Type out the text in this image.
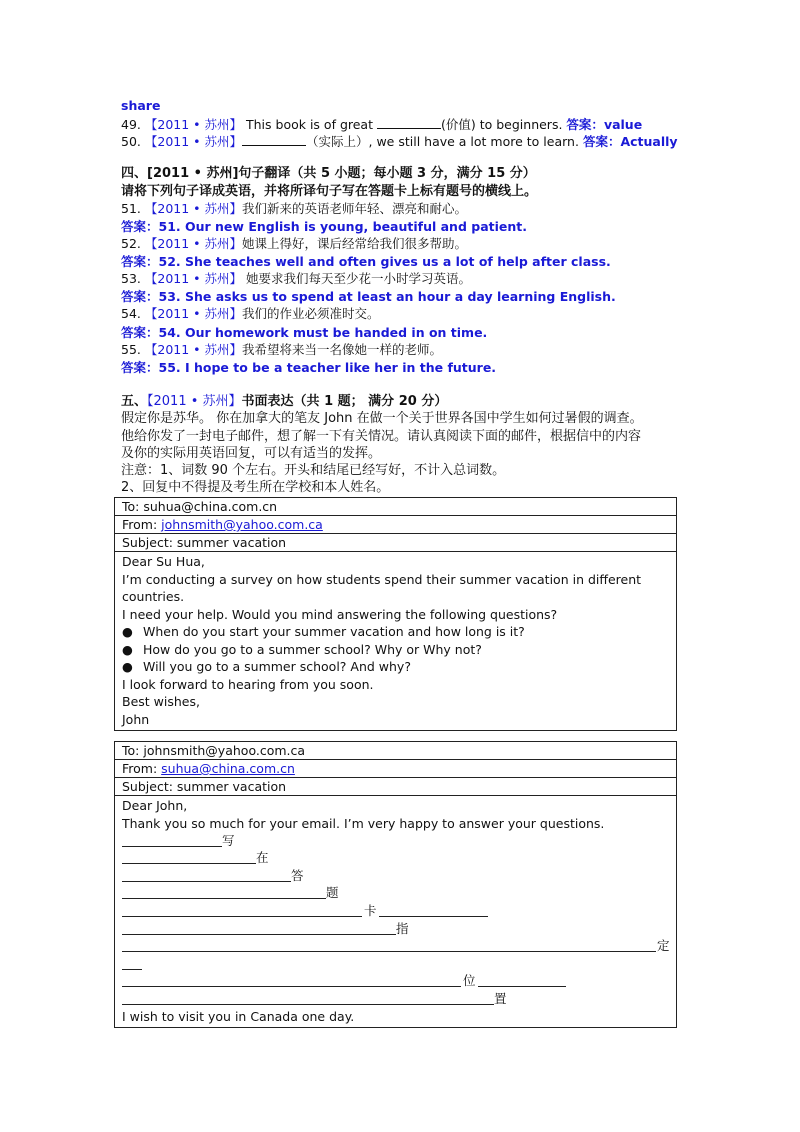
share
49. 【2011 • 苏州】 This book is of great	(价值) to beginners. 答案：value
50. 【2011 • 苏州】	（实际上）, we still have a lot more to learn. 答案：Actually
四、[2011 • 苏州]句子翻译（共 5 小题；每小题 3 分，满分 15 分）
请将下列句子译成英语，并将所译句子写在答题卡上标有题号的横线上。
51. 【2011 • 苏州】我们新来的英语老师年轻、漂亮和耐心。
答案：51. Our new English is young, beautiful and patient.
52. 【2011 • 苏州】她课上得好，课后经常给我们很多帮助。
答案：52. She teaches well and often gives us a lot of help after class.
53. 【2011 • 苏州】 她要求我们每天至少花一小时学习英语。
答案：53. She asks us to spend at least an hour a day learning English.
54. 【2011 • 苏州】我们的作业必须准时交。
答案：54. Our homework must be handed in on time.
55. 【2011 • 苏州】我希望将来当一名像她一样的老师。
答案：55. I hope to be a teacher like her in the future.
五、【2011 • 苏州】书面表达（共 1 题； 满分 20 分）
假定你是苏华。 你在加拿大的笔友 John 在做一个关于世界各国中学生如何过暑假的调查。
他给你发了一封电子邮件，想了解一下有关情况。请认真阅读下面的邮件，根据信中的内容
及你的实际用英语回复，可以有适当的发挥。
注意：1、词数 90 个左右。开头和结尾已经写好，不计入总词数。
2、回复中不得提及考生所在学校和本人姓名。
To: suhua@china.com.cn
From: johnsmith@yahoo.com.ca
Subject: summer vacation

Dear Su Hua,
I’m conducting a survey on how students spend their summer vacation in different
countries.
I need your help. Would you mind answering the following questions?
● When do you start your summer vacation and how long is it?
● How do you go to a summer school? Why or Why not?
● Will you go to a summer school? And why?
I look forward to hearing from you soon.
Best wishes,
John
To: johnsmith@yahoo.com.ca
From: suhua@china.com.cn
Subject: summer vacation

Dear John,
Thank you so much for your email. I’m very happy to answer your questions.
写
在
答
题
卡
指
定
位
置
I wish to visit you in Canada one day.
